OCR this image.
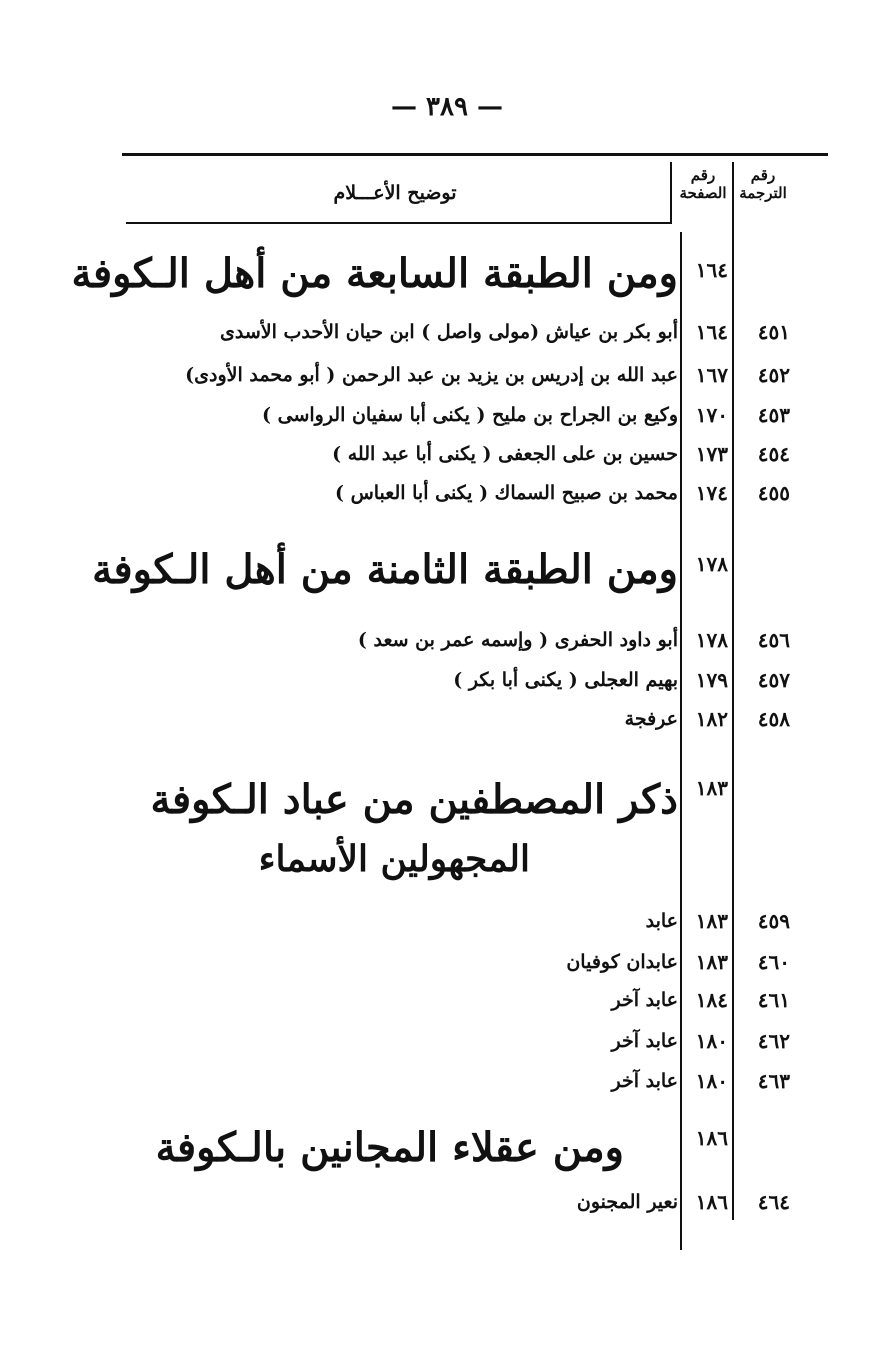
— ٣٨٩ —
توضيح الأعـــلام
رقم
الصفحة
رقم
الترجمة
ومن الطبقة السابعة من أهل الـكوفة ١٦٤
٤٥١
١٦٤
أبو بكر بن عياش (مولى واصل ) ابن حيان الأحدب الأسدى
٤٥٢
١٦٧
عبد الله بن إدريس بن يزيد بن عبد الرحمن ( أبو محمد الأودى)
٤٥٣
١٧٠
وكيع بن الجراح بن مليح ( يكنى أبا سفيان الرواسى )
٤٥٤
١٧٣
حسين بن على الجعفى ( يكنى أبا عبد الله )
٤٥٥
١٧٤
محمد بن صبيح السماك ( يكنى أبا العباس )
ومن الطبقة الثامنة من أهل الـكوفة ١٧٨
٤٥٦
١٧٨
أبو داود الحفرى ( وإسمه عمر بن سعد )
٤٥٧
١٧٩
بهيم العجلى ( يكنى أبا بكر )
٤٥٨
١٨٢
عرفجة
ذكر المصطفين من عباد الـكوفة
المجهولين الأسماء
١٨٣
٤٥٩
١٨٣
عابد
٤٦٠
١٨٣
عابدان كوفيان
٤٦١
١٨٤
عابد آخر
٤٦٢
١٨٠
عابد آخر
٤٦٣
١٨٠
عابد آخر
ومن عقلاء المجانين بالـكوفة	١٨٦
٤٦٤
١٨٦
نعير المجنون
